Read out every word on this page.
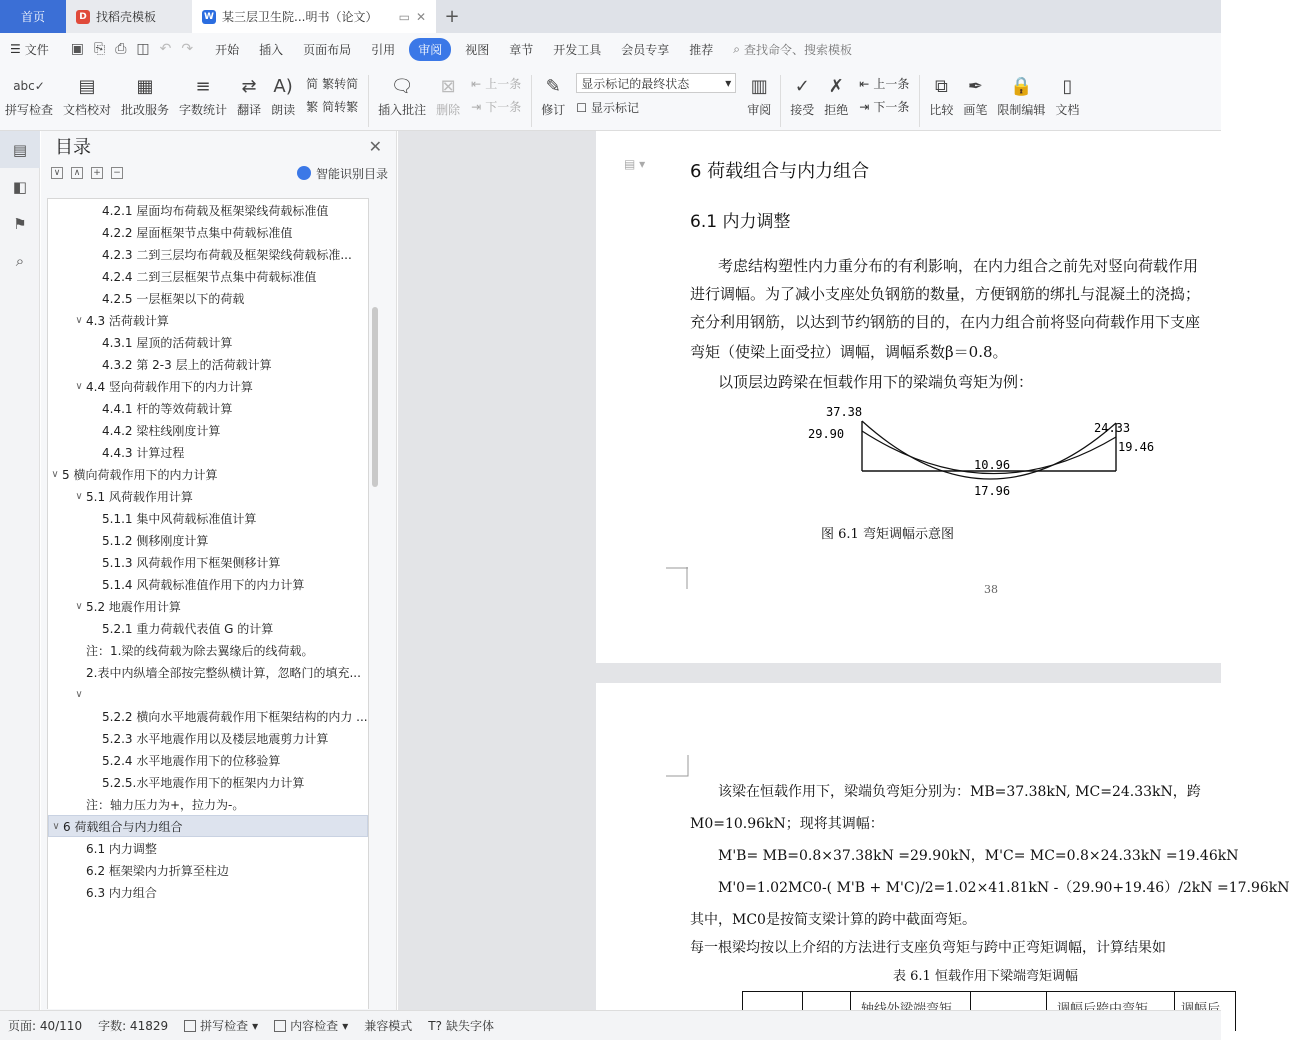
首页	D 找稻壳模板	W 某三层卫生院...明书（论文） ▭ ✕	+
☰ 文件 ▣ ⎘ ⎙ ◫ ↶ ↷	开始	插入	页面布局	引用	审阅	视图	章节	开发工具	会员专享	推荐	⌕ 查找命令、搜索模板
abc✓
拼写检查
▤
文档校对
▦
批改服务
≡
字数统计
⇄
翻译
A)
朗读
简 繁转简
繁 简转繁
🗨
插入批注
⊠
删除
⇤ 上一条
⇥ 下一条
✎
修订
显示标记的最终状态	▾
☐ 显示标记
▥
审阅
✓
接受
✗
拒绝
⇤ 上一条
⇥ 下一条
⧉
比较
✒
画笔
🔒
限制编辑
▯
文档
▤
◧
⚑
⌕
目录	✕
∨	∧	+ −	智能识别目录
4.2.1 屋面均布荷载及框架梁线荷载标准值
4.2.2 屋面框架节点集中荷载标准值
4.2.3 二到三层均布荷载及框架梁线荷载标准...
4.2.4 二到三层框架节点集中荷载标准值
4.2.5 一层框架以下的荷载
∨ 4.3 活荷载计算
4.3.1 屋顶的活荷载计算
4.3.2 第 2-3 层上的活荷载计算
∨ 4.4 竖向荷载作用下的内力计算
4.4.1 杆的等效荷载计算
4.4.2 梁柱线刚度计算
4.4.3 计算过程
∨ 5 横向荷载作用下的内力计算
∨ 5.1 风荷载作用计算
5.1.1 集中风荷载标准值计算
5.1.2 侧移刚度计算
5.1.3 风荷载作用下框架侧移计算
5.1.4 风荷载标准值作用下的内力计算
∨ 5.2 地震作用计算
5.2.1 重力荷载代表值 G 的计算
注：1.梁的线荷载为除去翼缘后的线荷载。
2.表中内纵墙全部按完整纵横计算，忽略门的填充...
∨
5.2.2 横向水平地震荷载作用下框架结构的内力 ...
5.2.3 水平地震作用以及楼层地震剪力计算
5.2.4 水平地震作用下的位移验算
5.2.5.水平地震作用下的框架内力计算
注：轴力压力为+，拉力为-。
∨ 6 荷载组合与内力组合
6.1 内力调整
6.2 框架梁内力折算至柱边
6.3 内力组合
▤ ▾ 6 荷载组合与内力组合
6.1 内力调整
考虑结构塑性内力重分布的有利影响，在内力组合之前先对竖向荷载作用
进行调幅。为了减小支座处负钢筋的数量，方便钢筋的绑扎与混凝土的浇捣；
充分利用钢筋，以达到节约钢筋的目的，在内力组合前将竖向荷载作用下支座
弯矩（使梁上面受拉）调幅，调幅系数β＝0.8。
以顶层边跨梁在恒载作用下的梁端负弯矩为例：
37.38
29.90	24.33
19.46
10.96
17.96
图 6.1 弯矩调幅示意图
38
该梁在恒载作用下，梁端负弯矩分别为：MB=37.38kN, MC=24.33kN，跨
M0=10.96kN；现将其调幅：
M'B= MB=0.8×37.38kN =29.90kN，M'C= MC=0.8×24.33kN =19.46kN
M'0=1.02MC0-( M'B + M'C)/2=1.02×41.81kN -（29.90+19.46）/2kN =17.96kN
其中，MC0是按简支梁计算的跨中截面弯矩。
每一根梁均按以上介绍的方法进行支座负弯矩与跨中正弯矩调幅，计算结果如
表 6.1 恒载作用下梁端弯矩调幅
页面: 40/110 字数: 41829	拼写检查 ▾	内容检查 ▾ 兼容模式 T? 缺失字体
